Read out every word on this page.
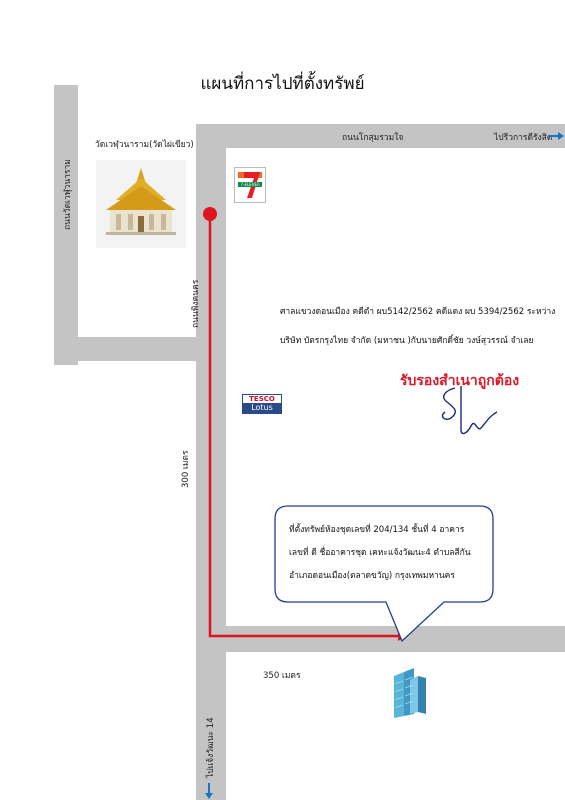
แผนที่การไปที่ตั้งทรัพย์
ถนนโกสุมรวมใจ	ไปรีวการดีรังสิต
ถนนวัดเวฬุวนาราม
ถนนพิงคนคร
ไปแจ้งวัฒนะ 14
วัดเวฬุวนาราม(วัดไผ่เขียว)
7-ELEVEn
TESCO
Lotus
300 เมตร
350 เมตร
ศาลแขวงดอนเมือง คดีดำ ผบ5142/2562 คดีแดง ผบ 5394/2562 ระหว่าง
บริษัท บัตรกรุงไทย จำกัด (มหาชน )กับนายศักดิ์ชัย วงษ์สุวรรณ์ จำเลย
รับรองสำเนาถูกต้อง
ที่ตั้งทรัพย์ห้องชุดเลขที่ 204/134 ชั้นที่ 4 อาคาร
เลขที่ ดี ชื่ออาคารชุด เคหะแจ้งวัฒนะ4 ตำบลสีกัน
อำเภอดอนเมือง(ตลาดขวัญ) กรุงเทพมหานคร
